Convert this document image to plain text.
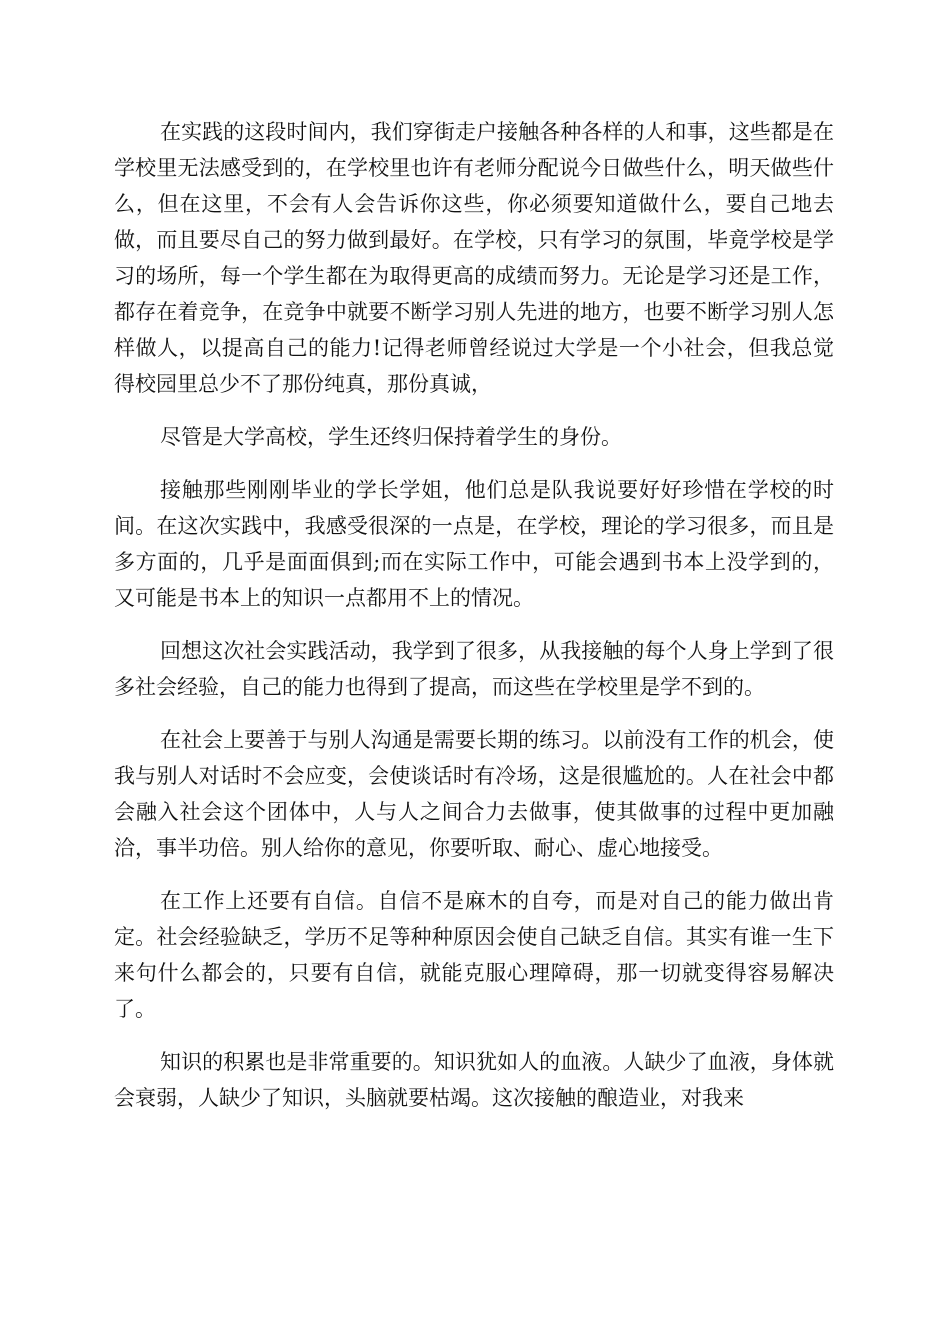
在实践的这段时间内，我们穿街走户接触各种各样的人和事，这些都是在学校里无法感受到的，在学校里也许有老师分配说今日做些什么，明天做些什么，但在这里，不会有人会告诉你这些，你必须要知道做什么，要自己地去做，而且要尽自己的努力做到最好。在学校，只有学习的氛围，毕竟学校是学习的场所，每一个学生都在为取得更高的成绩而努力。无论是学习还是工作，都存在着竞争，在竞争中就要不断学习别人先进的地方，也要不断学习别人怎样做人，以提高自己的能力!记得老师曾经说过大学是一个小社会，但我总觉得校园里总少不了那份纯真，那份真诚，

尽管是大学高校，学生还终归保持着学生的身份。

接触那些刚刚毕业的学长学姐，他们总是队我说要好好珍惜在学校的时间。在这次实践中，我感受很深的一点是，在学校，理论的学习很多，而且是多方面的，几乎是面面俱到;而在实际工作中，可能会遇到书本上没学到的，又可能是书本上的知识一点都用不上的情况。

回想这次社会实践活动，我学到了很多，从我接触的每个人身上学到了很多社会经验，自己的能力也得到了提高，而这些在学校里是学不到的。

在社会上要善于与别人沟通是需要长期的练习。以前没有工作的机会，使我与别人对话时不会应变，会使谈话时有冷场，这是很尴尬的。人在社会中都会融入社会这个团体中，人与人之间合力去做事，使其做事的过程中更加融洽，事半功倍。别人给你的意见，你要听取、耐心、虚心地接受。

在工作上还要有自信。自信不是麻木的自夸，而是对自己的能力做出肯定。社会经验缺乏，学历不足等种种原因会使自己缺乏自信。其实有谁一生下来句什么都会的，只要有自信，就能克服心理障碍，那一切就变得容易解决了。

知识的积累也是非常重要的。知识犹如人的血液。人缺少了血液，身体就会衰弱，人缺少了知识，头脑就要枯竭。这次接触的酿造业，对我来
